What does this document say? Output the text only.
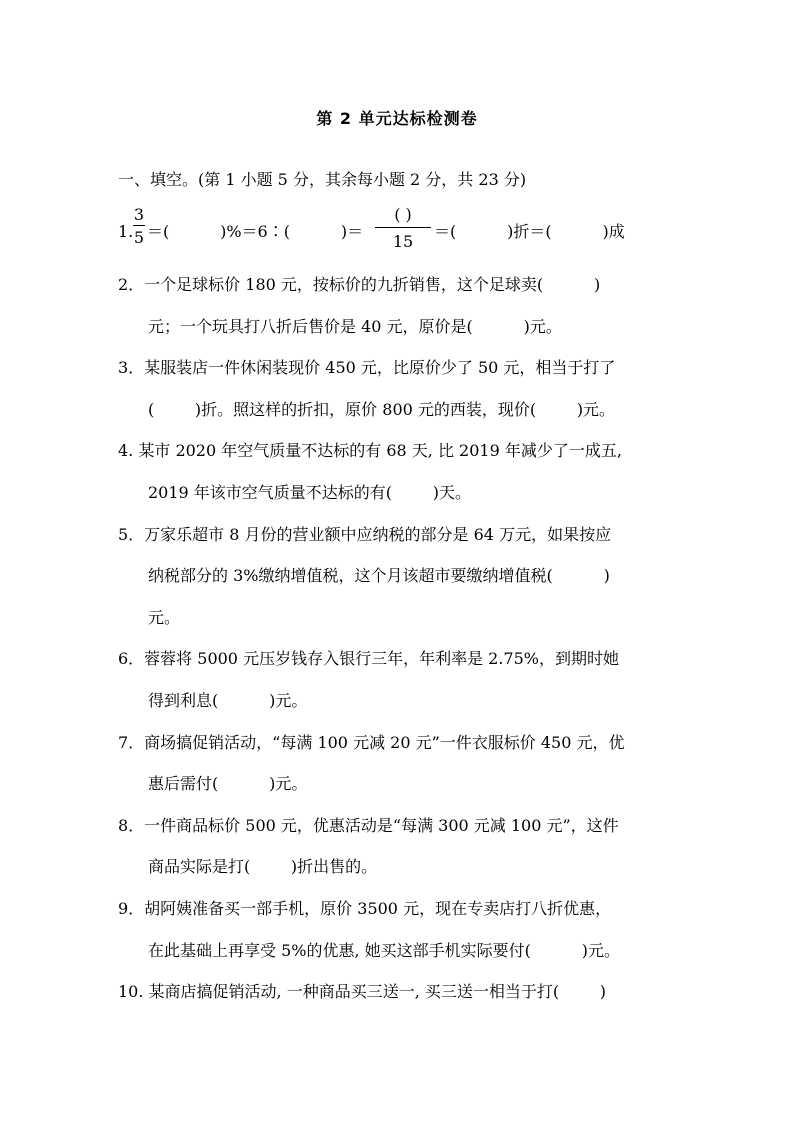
第 2 单元达标检测卷
一、填空。(第 1 小题 5 分，其余每小题 2 分，共 23 分)
1.
3
5 ＝(          )%＝6∶(          )＝
( )
15
＝(          )折＝(          )成
2．一个足球标价 180 元，按标价的九折销售，这个足球卖(          )
元；一个玩具打八折后售价是 40 元，原价是(          )元。
3．某服装店一件休闲装现价 450 元，比原价少了 50 元，相当于打了
(        )折。照这样的折扣，原价 800 元的西装，现价(        )元。
4. 某市 2020 年空气质量不达标的有 68 天, 比 2019 年减少了一成五,
2019 年该市空气质量不达标的有(        )天。
5．万家乐超市 8 月份的营业额中应纳税的部分是 64 万元，如果按应
纳税部分的 3%缴纳增值税，这个月该超市要缴纳增值税(          )
元。
6．蓉蓉将 5000 元压岁钱存入银行三年，年利率是 2.75%，到期时她
得到利息(          )元。
7．商场搞促销活动，“每满 100 元减 20 元”一件衣服标价 450 元，优
惠后需付(          )元。
8．一件商品标价 500 元，优惠活动是“每满 300 元减 100 元”，这件
商品实际是打(        )折出售的。
9．胡阿姨准备买一部手机，原价 3500 元，现在专卖店打八折优惠，
在此基础上再享受 5%的优惠, 她买这部手机实际要付(          )元。
10. 某商店搞促销活动, 一种商品买三送一, 买三送一相当于打(        )
